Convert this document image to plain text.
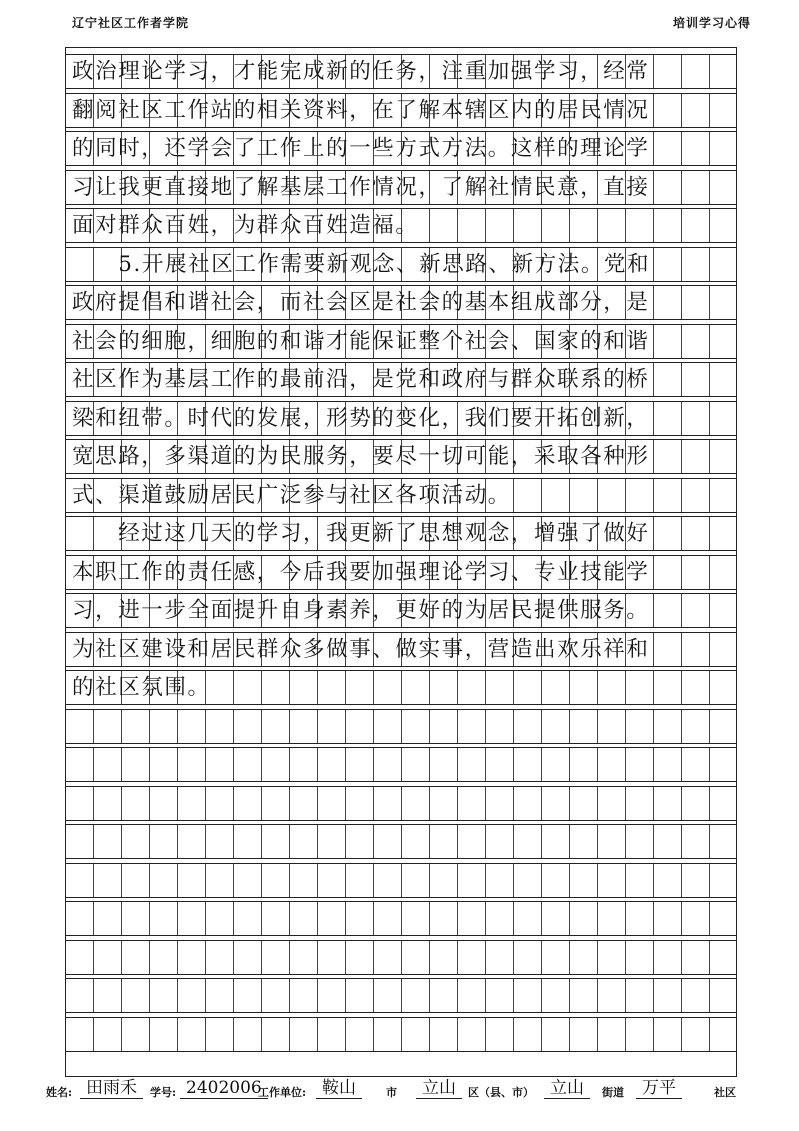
辽宁社区工作者学院	培训学习心得
政治理论学习，才能完成新的任务，注重加强学习，经常
翻阅社区工作站的相关资料，在了解本辖区内的居民情况
的同时，还学会了工作上的一些方式方法。这样的理论学
习让我更直接地了解基层工作情况，了解社情民意，直接
面对群众百姓，为群众百姓造福。
　　5.开展社区工作需要新观念、新思路、新方法。党和
政府提倡和谐社会，而社会区是社会的基本组成部分，是
社会的细胞，细胞的和谐才能保证整个社会、国家的和谐
社区作为基层工作的最前沿，是党和政府与群众联系的桥
梁和纽带。时代的发展，形势的变化，我们要开拓创新，
宽思路，多渠道的为民服务，要尽一切可能，采取各种形
式、渠道鼓励居民广泛参与社区各项活动。
　　经过这几天的学习，我更新了思想观念，增强了做好
本职工作的责任感，今后我要加强理论学习、专业技能学
习，进一步全面提升自身素养，更好的为居民提供服务。
为社区建设和居民群众多做事、做实事，营造出欢乐祥和
的社区氛围。
姓名: 田雨禾	学号: 2402006
工作单位: 鞍山	市	立山	区（县、市） 立山	街道	万平	社区
